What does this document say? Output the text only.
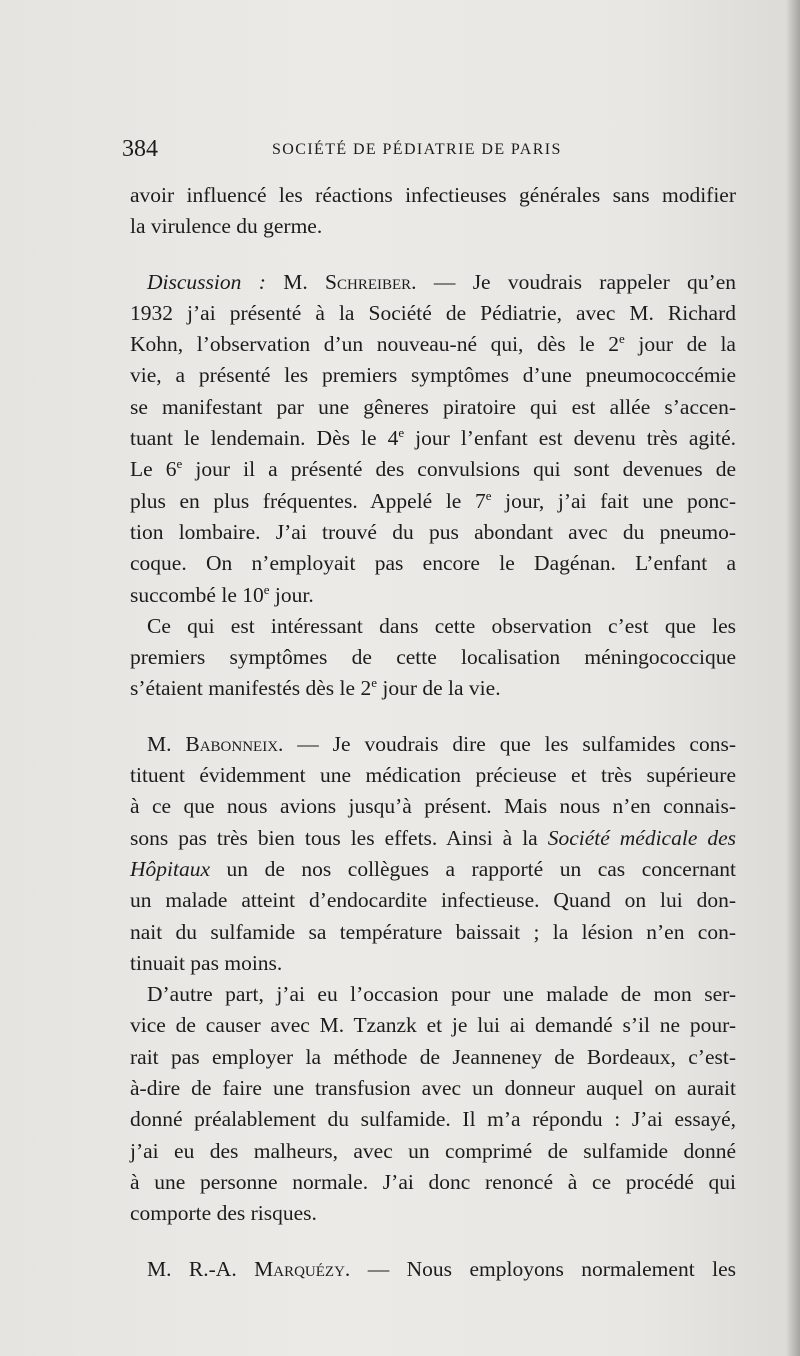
384	SOCIÉTÉ DE PÉDIATRIE DE PARIS
avoir influencé les réactions infectieuses générales sans modifier
la virulence du germe.
Discussion : M. Schreiber. — Je voudrais rappeler qu’en
1932 j’ai présenté à la Société de Pédiatrie, avec M. Richard
Kohn, l’observation d’un nouveau-né qui, dès le 2e jour de la
vie, a présenté les premiers symptômes d’une pneumococcémie
se manifestant par une gêneres piratoire qui est allée s’accen-
tuant le lendemain. Dès le 4e jour l’enfant est devenu très agité.
Le 6e jour il a présenté des convulsions qui sont devenues de
plus en plus fréquentes. Appelé le 7e jour, j’ai fait une ponc-
tion lombaire. J’ai trouvé du pus abondant avec du pneumo-
coque. On n’employait pas encore le Dagénan. L’enfant a
succombé le 10e jour.
Ce qui est intéressant dans cette observation c’est que les
premiers symptômes de cette localisation méningococcique
s’étaient manifestés dès le 2e jour de la vie.
M. Babonneix. — Je voudrais dire que les sulfamides cons-
tituent évidemment une médication précieuse et très supérieure
à ce que nous avions jusqu’à présent. Mais nous n’en connais-
sons pas très bien tous les effets. Ainsi à la Société médicale des
Hôpitaux un de nos collègues a rapporté un cas concernant
un malade atteint d’endocardite infectieuse. Quand on lui don-
nait du sulfamide sa température baissait ; la lésion n’en con-
tinuait pas moins.
D’autre part, j’ai eu l’occasion pour une malade de mon ser-
vice de causer avec M. Tzanzk et je lui ai demandé s’il ne pour-
rait pas employer la méthode de Jeanneney de Bordeaux, c’est-
à-dire de faire une transfusion avec un donneur auquel on aurait
donné préalablement du sulfamide. Il m’a répondu : J’ai essayé,
j’ai eu des malheurs, avec un comprimé de sulfamide donné
à une personne normale. J’ai donc renoncé à ce procédé qui
comporte des risques.
M. R.-A. Marquézy. — Nous employons normalement les
